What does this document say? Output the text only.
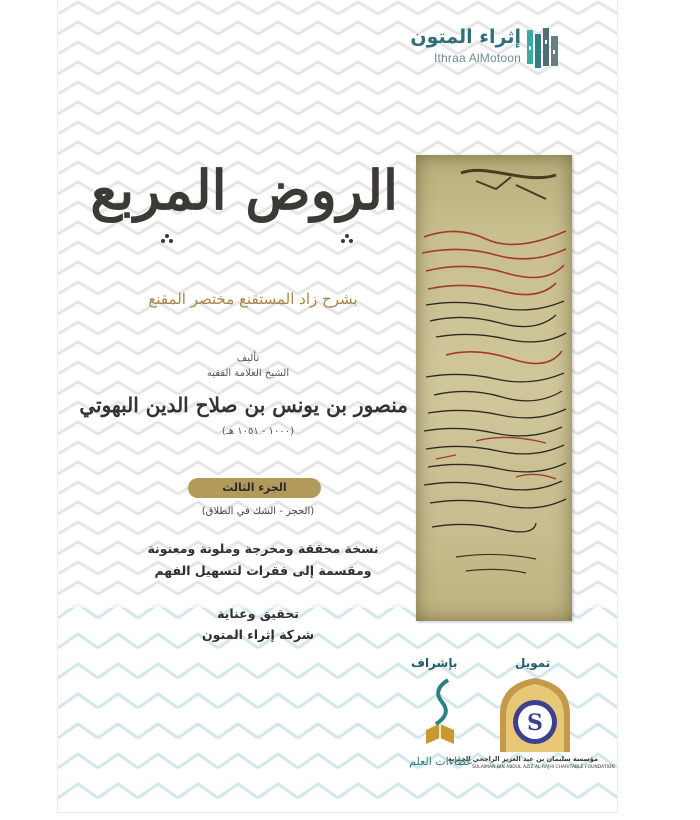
إثراء المتون
Ithraa AlMotoon
الروض المربع
بشرح زاد المستقنع مختصر المقنع
تأليف
الشيخ العلامة الفقيه
منصور بن يونس بن صلاح الدين البهوتي
(١٠٠٠ - ١٠٥١ هـ)
الجزء الثالث
(الحجر - الشك في الطلاق)
نسخة محققة ومخرجة وملونة ومعنونة
ومقسمة إلى فقرات لتسهيل الفهم
تحقيق وعناية
شركة إثراء المتون
تمويل
بإشراف
S
مؤسسة سليمان بن عبد العزيز الراجحي الخيرية
SULAIMAN BIN ABDUL AZIZ AL RAJHI CHARITABLE FOUNDATION
عطاءات العلم
